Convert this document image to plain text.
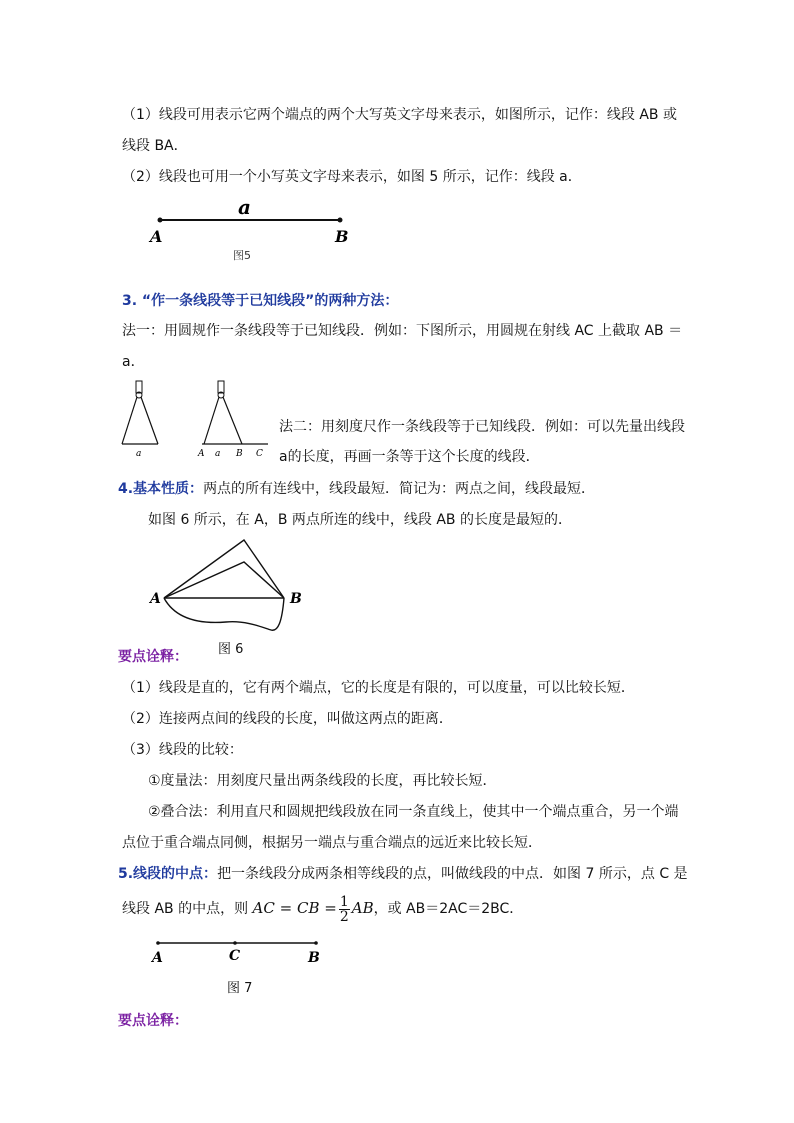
（1）线段可用表示它两个端点的两个大写英文字母来表示，如图所示，记作：线段 AB 或
线段 BA．
（2）线段也可用一个小写英文字母来表示，如图 5 所示，记作：线段 a．
a
A	B
图5
3. “作一条线段等于已知线段”的两种方法：
法一：用圆规作一条线段等于已知线段．例如：下图所示，用圆规在射线 AC 上截取 AB ＝
a．
a	A a B C
法二：用刻度尺作一条线段等于已知线段．例如：可以先量出线段
a的长度，再画一条等于这个长度的线段．
4.基本性质：两点的所有连线中，线段最短．简记为：两点之间，线段最短．
如图 6 所示，在 A，B 两点所连的线中，线段 AB 的长度是最短的．
A	B
图 6
要点诠释：
（1）线段是直的，它有两个端点，它的长度是有限的，可以度量，可以比较长短．
（2）连接两点间的线段的长度，叫做这两点的距离．
（3）线段的比较：
①度量法：用刻度尺量出两条线段的长度，再比较长短．
②叠合法：利用直尺和圆规把线段放在同一条直线上，使其中一个端点重合，另一个端
点位于重合端点同侧，根据另一端点与重合端点的远近来比较长短．
5.线段的中点：把一条线段分成两条相等线段的点，叫做线段的中点．如图 7 所示，点 C 是
线段 AB 的中点，则 AC = CB = $\frac{1}{2}$ AB，或 AB＝2AC＝2BC．
A	C	B
图 7
要点诠释：
